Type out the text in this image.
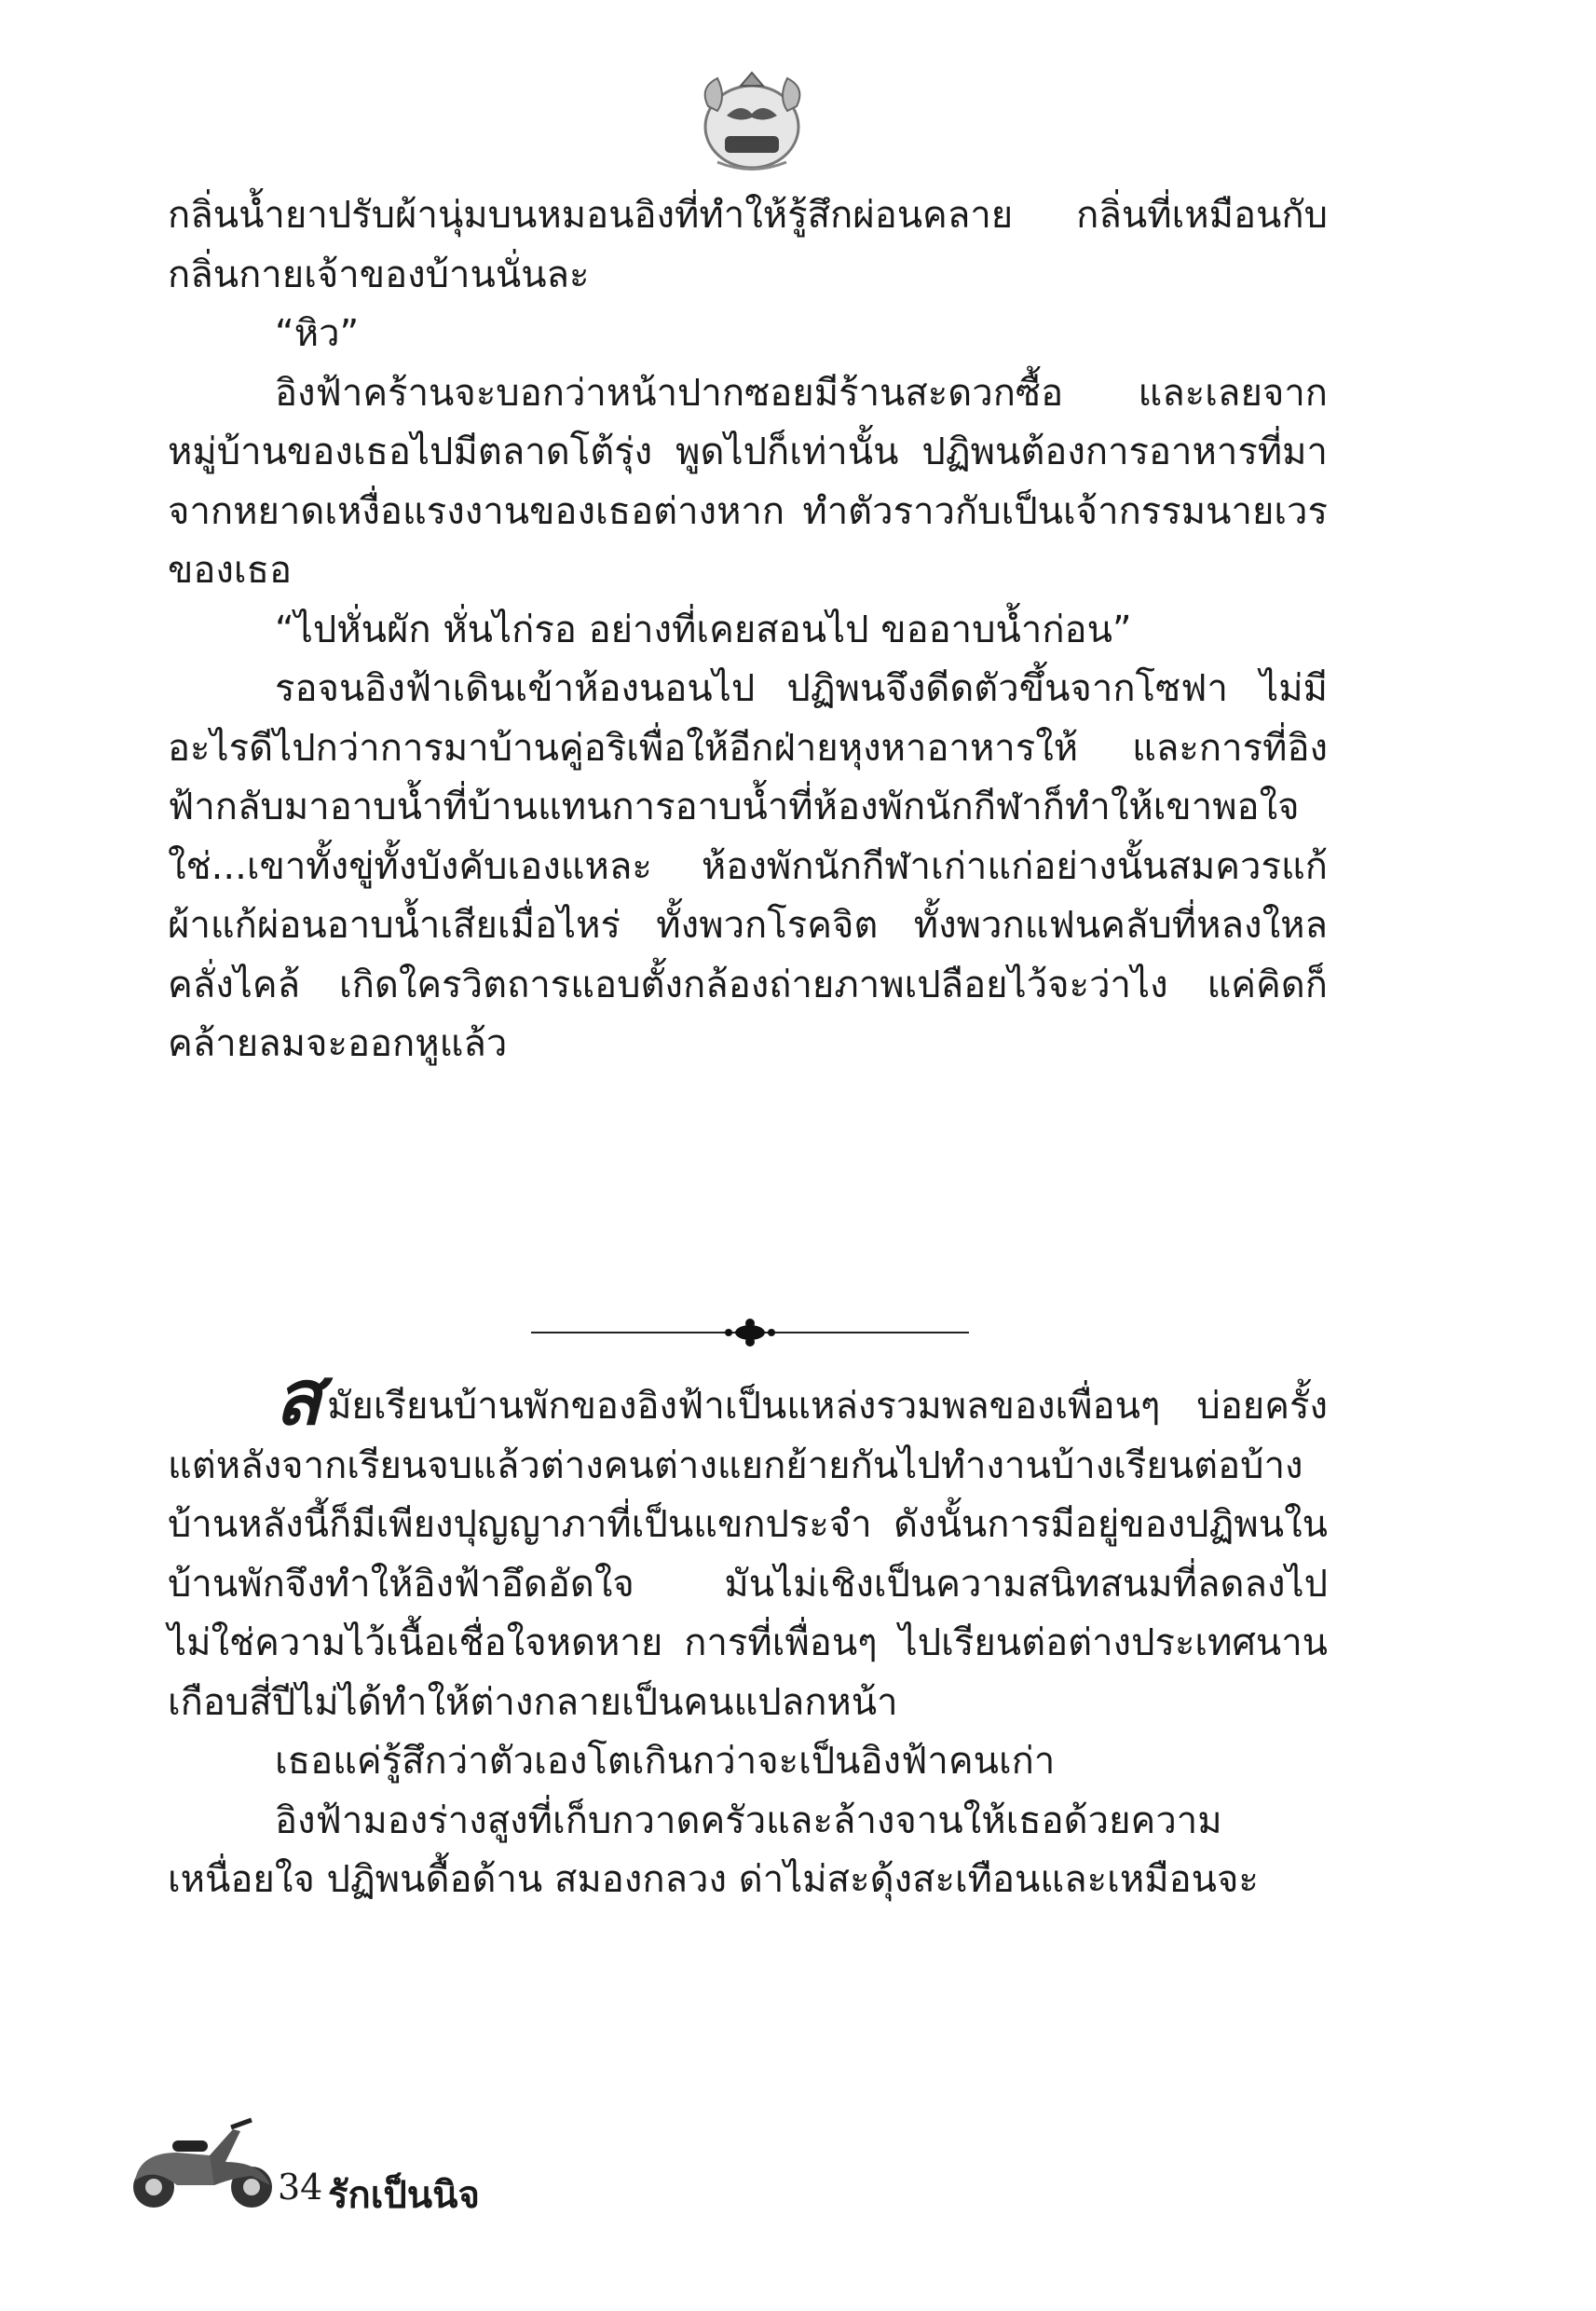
กลิ่นน้ำยาปรับผ้านุ่มบนหมอนอิงที่ทำให้รู้สึกผ่อนคลาย กลิ่นที่เหมือนกับกลิ่นกายเจ้าของบ้านนั่นละ

“หิว”

อิงฟ้าคร้านจะบอกว่าหน้าปากซอยมีร้านสะดวกซื้อ และเลยจากหมู่บ้านของเธอไปมีตลาดโต้รุ่ง พูดไปก็เท่านั้น ปฏิพนต้องการอาหารที่มาจากหยาดเหงื่อแรงงานของเธอต่างหาก ทำตัวราวกับเป็นเจ้ากรรมนายเวรของเธอ

“ไปหั่นผัก หั่นไก่รอ อย่างที่เคยสอนไป ขออาบน้ำก่อน”

รอจนอิงฟ้าเดินเข้าห้องนอนไป ปฏิพนจึงดีดตัวขึ้นจากโซฟา ไม่มีอะไรดีไปกว่าการมาบ้านคู่อริเพื่อให้อีกฝ่ายหุงหาอาหารให้ และการที่อิงฟ้ากลับมาอาบน้ำที่บ้านแทนการอาบน้ำที่ห้องพักนักกีฬาก็ทำให้เขาพอใจ ใช่...เขาทั้งขู่ทั้งบังคับเองแหละ ห้องพักนักกีฬาเก่าแก่อย่างนั้นสมควรแก้ผ้าแก้ผ่อนอาบน้ำเสียเมื่อไหร่ ทั้งพวกโรคจิต ทั้งพวกแฟนคลับที่หลงใหลคลั่งไคล้ เกิดใครวิตถารแอบตั้งกล้องถ่ายภาพเปลือยไว้จะว่าไง แค่คิดก็คล้ายลมจะออกหูแล้ว

สมัยเรียนบ้านพักของอิงฟ้าเป็นแหล่งรวมพลของเพื่อนๆ บ่อยครั้ง แต่หลังจากเรียนจบแล้วต่างคนต่างแยกย้ายกันไปทำงานบ้างเรียนต่อบ้าง บ้านหลังนี้ก็มีเพียงปุญญาภาที่เป็นแขกประจำ ดังนั้นการมีอยู่ของปฏิพนในบ้านพักจึงทำให้อิงฟ้าอึดอัดใจ มันไม่เชิงเป็นความสนิทสนมที่ลดลงไป ไม่ใช่ความไว้เนื้อเชื่อใจหดหาย การที่เพื่อนๆ ไปเรียนต่อต่างประเทศนานเกือบสี่ปีไม่ได้ทำให้ต่างกลายเป็นคนแปลกหน้า

เธอแค่รู้สึกว่าตัวเองโตเกินกว่าจะเป็นอิงฟ้าคนเก่า

อิงฟ้ามองร่างสูงที่เก็บกวาดครัวและล้างจานให้เธอด้วยความเหนื่อยใจ ปฏิพนดื้อด้าน สมองกลวง ด่าไม่สะดุ้งสะเทือนและเหมือนจะ

34 รักเป็นนิจ
